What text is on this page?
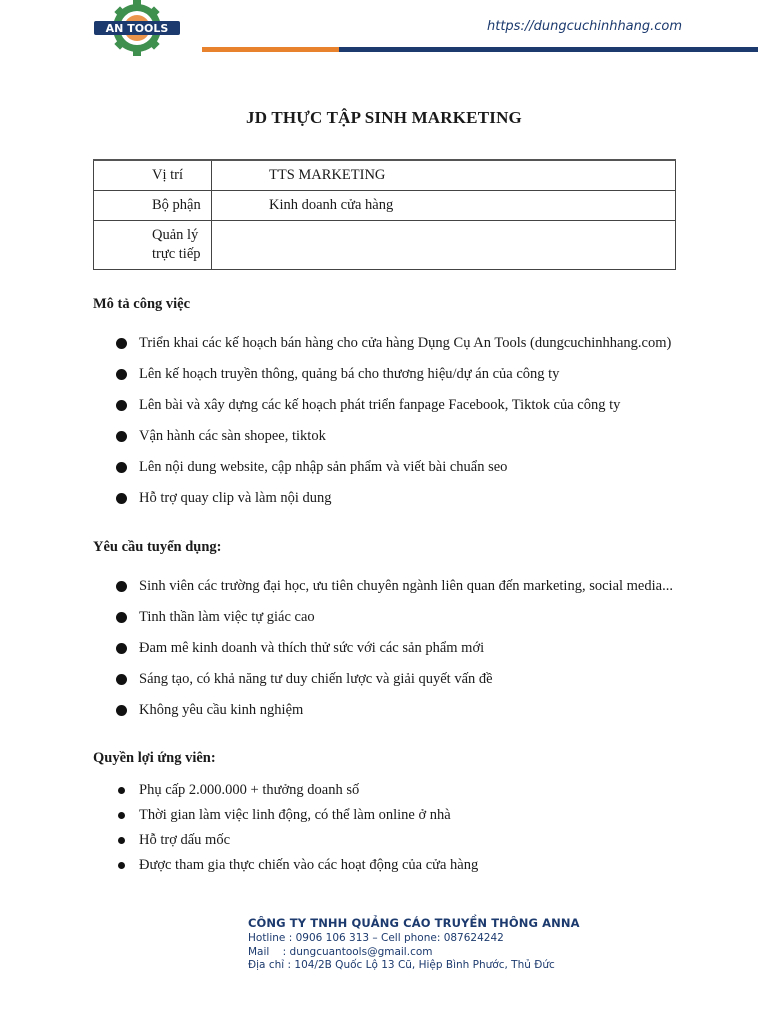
AN TOOLS	https://dungcuchinhhang.com
JD THỰC TẬP SINH MARKETING
Vị trí	TTS MARKETING
Bộ phận	Kinh doanh cửa hàng

Quản lý
trực tiếp	

Mô tả công việc
Triển khai các kế hoạch bán hàng cho cửa hàng Dụng Cụ An Tools (dungcuchinhhang.com)
Lên kế hoạch truyền thông, quảng bá cho thương hiệu/dự án của công ty
Lên bài và xây dựng các kế hoạch phát triển fanpage Facebook, Tiktok của công ty
Vận hành các sàn shopee, tiktok
Lên nội dung website, cập nhập sản phẩm và viết bài chuẩn seo
Hỗ trợ quay clip và làm nội dung
Yêu cầu tuyển dụng:
Sinh viên các trường đại học, ưu tiên chuyên ngành liên quan đến marketing, social media...
Tinh thần làm việc tự giác cao
Đam mê kinh doanh và thích thử sức với các sản phẩm mới
Sáng tạo, có khả năng tư duy chiến lược và giải quyết vấn đề
Không yêu cầu kinh nghiệm
Quyền lợi ứng viên:
Phụ cấp 2.000.000 + thưởng doanh số
Thời gian làm việc linh động, có thể làm online ở nhà
Hỗ trợ dấu mốc
Được tham gia thực chiến vào các hoạt động của cửa hàng
CÔNG TY TNHH QUẢNG CÁO TRUYỀN THÔNG ANNA
Hotline : 0906 106 313 – Cell phone: 087624242
Mail    : dungcuantools@gmail.com
Địa chỉ : 104/2B Quốc Lộ 13 Cũ, Hiệp Bình Phước, Thủ Đức
